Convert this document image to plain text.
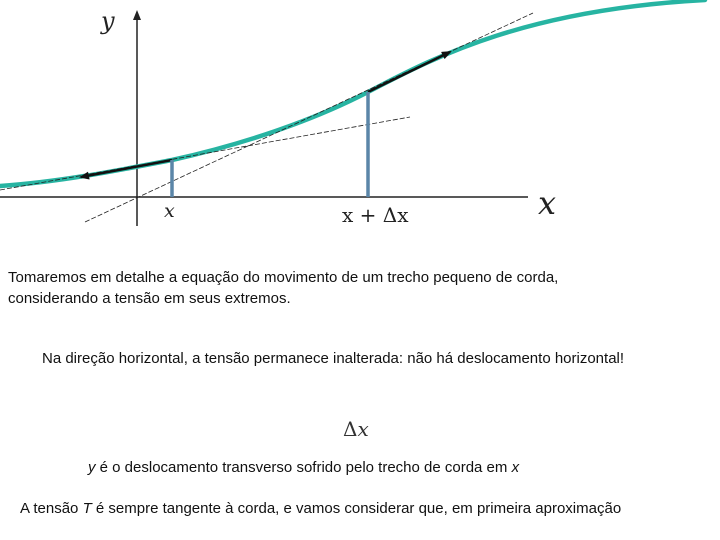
y
x
x	x + Δx
Tomaremos em detalhe a equação do movimento de um trecho pequeno de corda,
considerando a tensão em seus extremos.
Na direção horizontal, a tensão permanece inalterada: não há deslocamento horizontal!
Δx
y é o deslocamento transverso sofrido pelo trecho de corda em x
A tensão T é sempre tangente à corda, e vamos considerar que, em primeira aproximação
